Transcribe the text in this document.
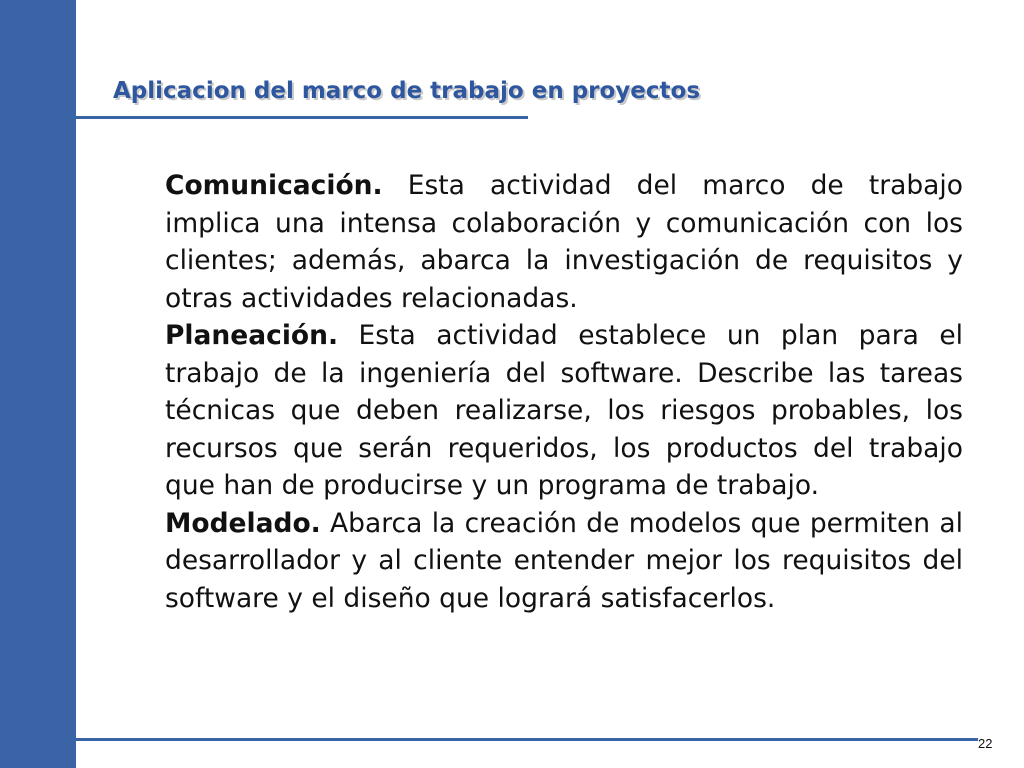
Aplicacion del marco de trabajo en proyectos

Comunicación. Esta actividad del marco de trabajo implica una intensa colaboración y comunicación con los clientes; además, abarca la investigación de requisitos y otras actividades relacionadas.

Planeación. Esta actividad establece un plan para el trabajo de la ingeniería del software. Describe las tareas técnicas que deben realizarse, los riesgos probables, los recursos que serán requeridos, los productos del trabajo que han de producirse y un programa de trabajo.

Modelado. Abarca la creación de modelos que permiten al desarrollador y al cliente entender mejor los requisitos del software y el diseño que logrará satisfacerlos.

22
